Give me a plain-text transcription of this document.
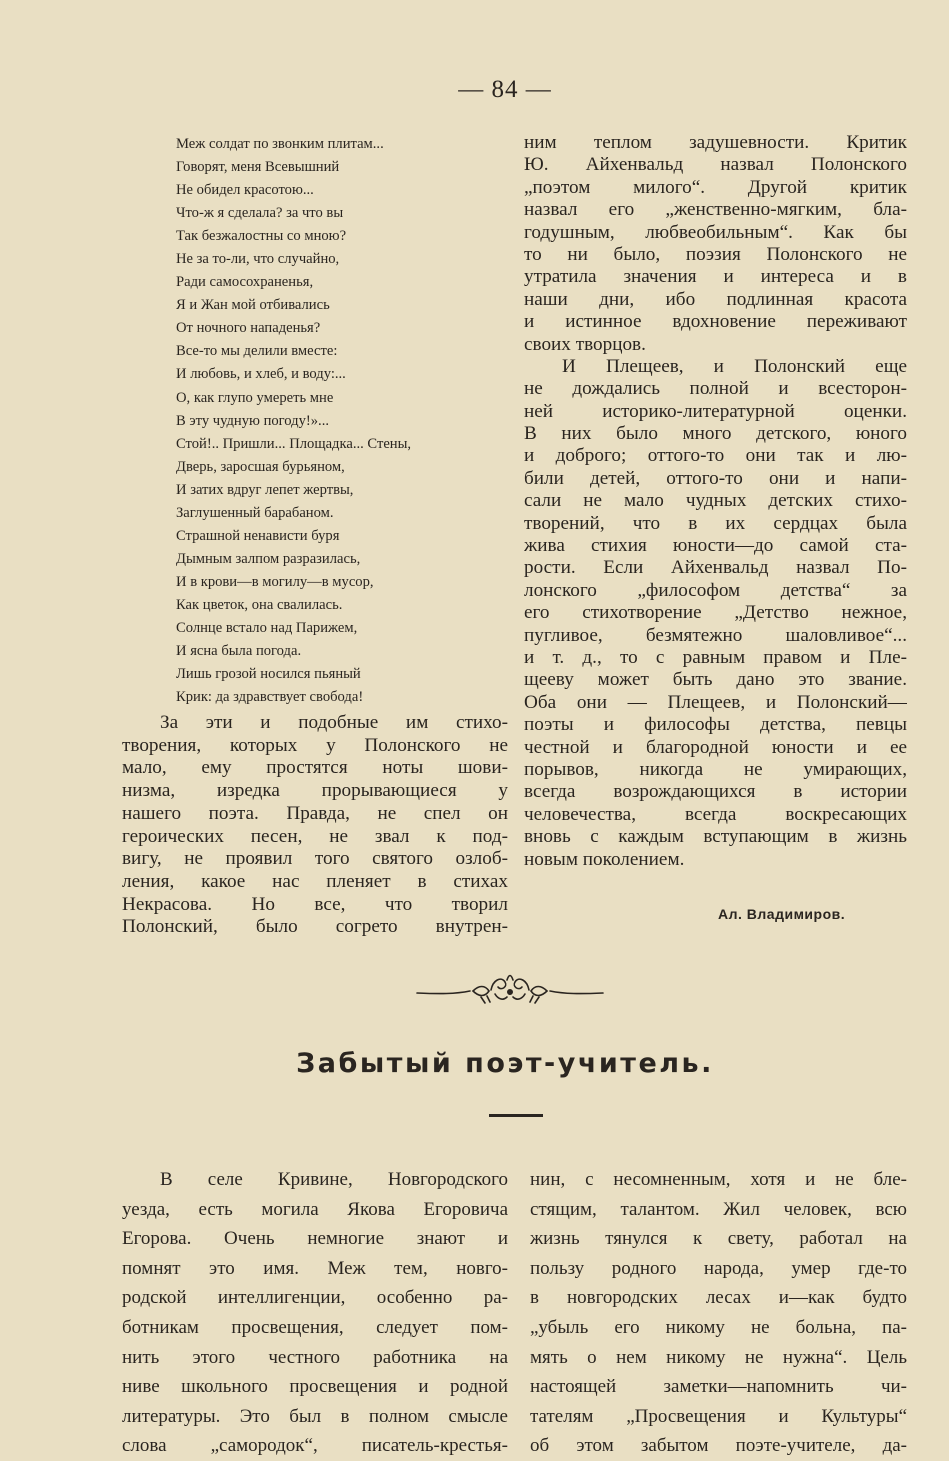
— 84 —
Меж солдат по звонким плитам...
Говорят, меня Всевышний
Не обидел красотою...
Что-ж я сделала? за что вы
Так безжалостны со мною?
Не за то-ли, что случайно,
Ради самосохраненья,
Я и Жан мой отбивались
От ночного нападенья?
Все-то мы делили вместе:
И любовь, и хлеб, и воду:...
О, как глупо умереть мне
В эту чудную погоду!»...
Стой!.. Пришли... Площадка... Стены,
Дверь, заросшая бурьяном,
И затих вдруг лепет жертвы,
Заглушенный барабаном.
Страшной ненависти буря
Дымным залпом разразилась,
И в крови—в могилу—в мусор,
Как цветок, она свалилась.
Солнце встало над Парижем,
И ясна была погода.
Лишь грозой носился пьяный
Крик: да здравствует свобода!
За эти и подобные им стихо-
творения, которых у Полонского не
мало, ему простятся ноты шови-
низма, изредка прорывающиеся у
нашего поэта. Правда, не спел он
героических песен, не звал к под-
вигу, не проявил того святого озлоб-
ления, какое нас пленяет в стихах
Некрасова. Но все, что творил
Полонский, было согрето внутрен-
ним теплом задушевности. Критик
Ю. Айхенвальд назвал Полонского
„поэтом милого“. Другой критик
назвал его „женственно-мягким, бла-
годушным, любвеобильным“. Как бы
то ни было, поэзия Полонского не
утратила значения и интереса и в
наши дни, ибо подлинная красота
и истинное вдохновение переживают
своих творцов.
И Плещеев, и Полонский еще
не дождались полной и всесторон-
ней историко-литературной оценки.
В них было много детского, юного
и доброго; оттого-то они так и лю-
били детей, оттого-то они и напи-
сали не мало чудных детских стихо-
творений, что в их сердцах была
жива стихия юности—до самой ста-
рости. Если Айхенвальд назвал По-
лонского „философом детства“ за
его стихотворение „Детство нежное,
пугливое, безмятежно шаловливое“...
и т. д., то с равным правом и Пле-
щееву может быть дано это звание.
Оба они — Плещеев, и Полонский—
поэты и философы детства, певцы
честной и благородной юности и ее
порывов, никогда не умирающих,
всегда возрождающихся в истории
человечества, всегда воскресающих
вновь с каждым вступающим в жизнь
новым поколением.
Ал. Владимиров.
Забытый поэт-учитель.
В селе Кривине, Новгородского
уезда, есть могила Якова Егоровича
Егорова. Очень немногие знают и
помнят это имя. Меж тем, новго-
родской интеллигенции, особенно ра-
ботникам просвещения, следует пом-
нить этого честного работника на
ниве школьного просвещения и родной
литературы. Это был в полном смысле
слова „самородок“, писатель-крестья-
нин, с несомненным, хотя и не бле-
стящим, талантом. Жил человек, всю
жизнь тянулся к свету, работал на
пользу родного народа, умер где-то
в новгородских лесах и—как будто
„убыль его никому не больна, па-
мять о нем никому не нужна“. Цель
настоящей заметки—напомнить чи-
тателям „Просвещения и Культуры“
об этом забытом поэте-учителе, да-
